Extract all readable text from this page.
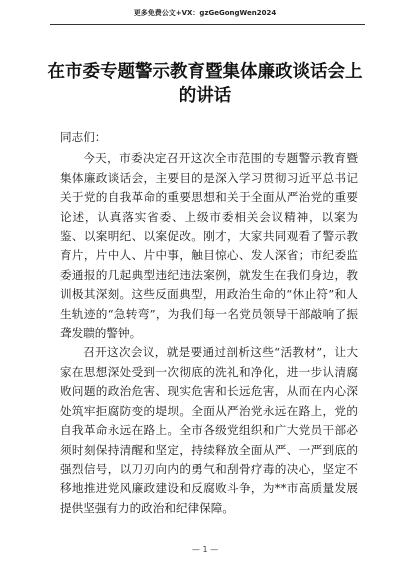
更多免费公文+VX：gzGeGongWen2024
在市委专题警示教育暨集体廉政谈话会上的讲话

同志们：

今天，市委决定召开这次全市范围的专题警示教育暨集体廉政谈话会，主要目的是深入学习贯彻习近平总书记关于党的自我革命的重要思想和关于全面从严治党的重要论述，认真落实省委、上级市委相关会议精神，以案为鉴、以案明纪、以案促改。刚才，大家共同观看了警示教育片，片中人、片中事，触目惊心、发人深省；市纪委监委通报的几起典型违纪违法案例，就发生在我们身边，教训极其深刻。这些反面典型，用政治生命的“休止符”和人生轨迹的“急转弯”，为我们每一名党员领导干部敲响了振聋发聩的警钟。

召开这次会议，就是要通过剖析这些“活教材”，让大家在思想深处受到一次彻底的洗礼和净化，进一步认清腐败问题的政治危害、现实危害和长远危害，从而在内心深处筑牢拒腐防变的堤坝。全面从严治党永远在路上，党的自我革命永远在路上。全市各级党组织和广大党员干部必须时刻保持清醒和坚定，持续释放全面从严、一严到底的强烈信号，以刀刃向内的勇气和刮骨疗毒的决心，坚定不移地推进党风廉政建设和反腐败斗争，为**市高质量发展提供坚强有力的政治和纪律保障。

— 1 —
